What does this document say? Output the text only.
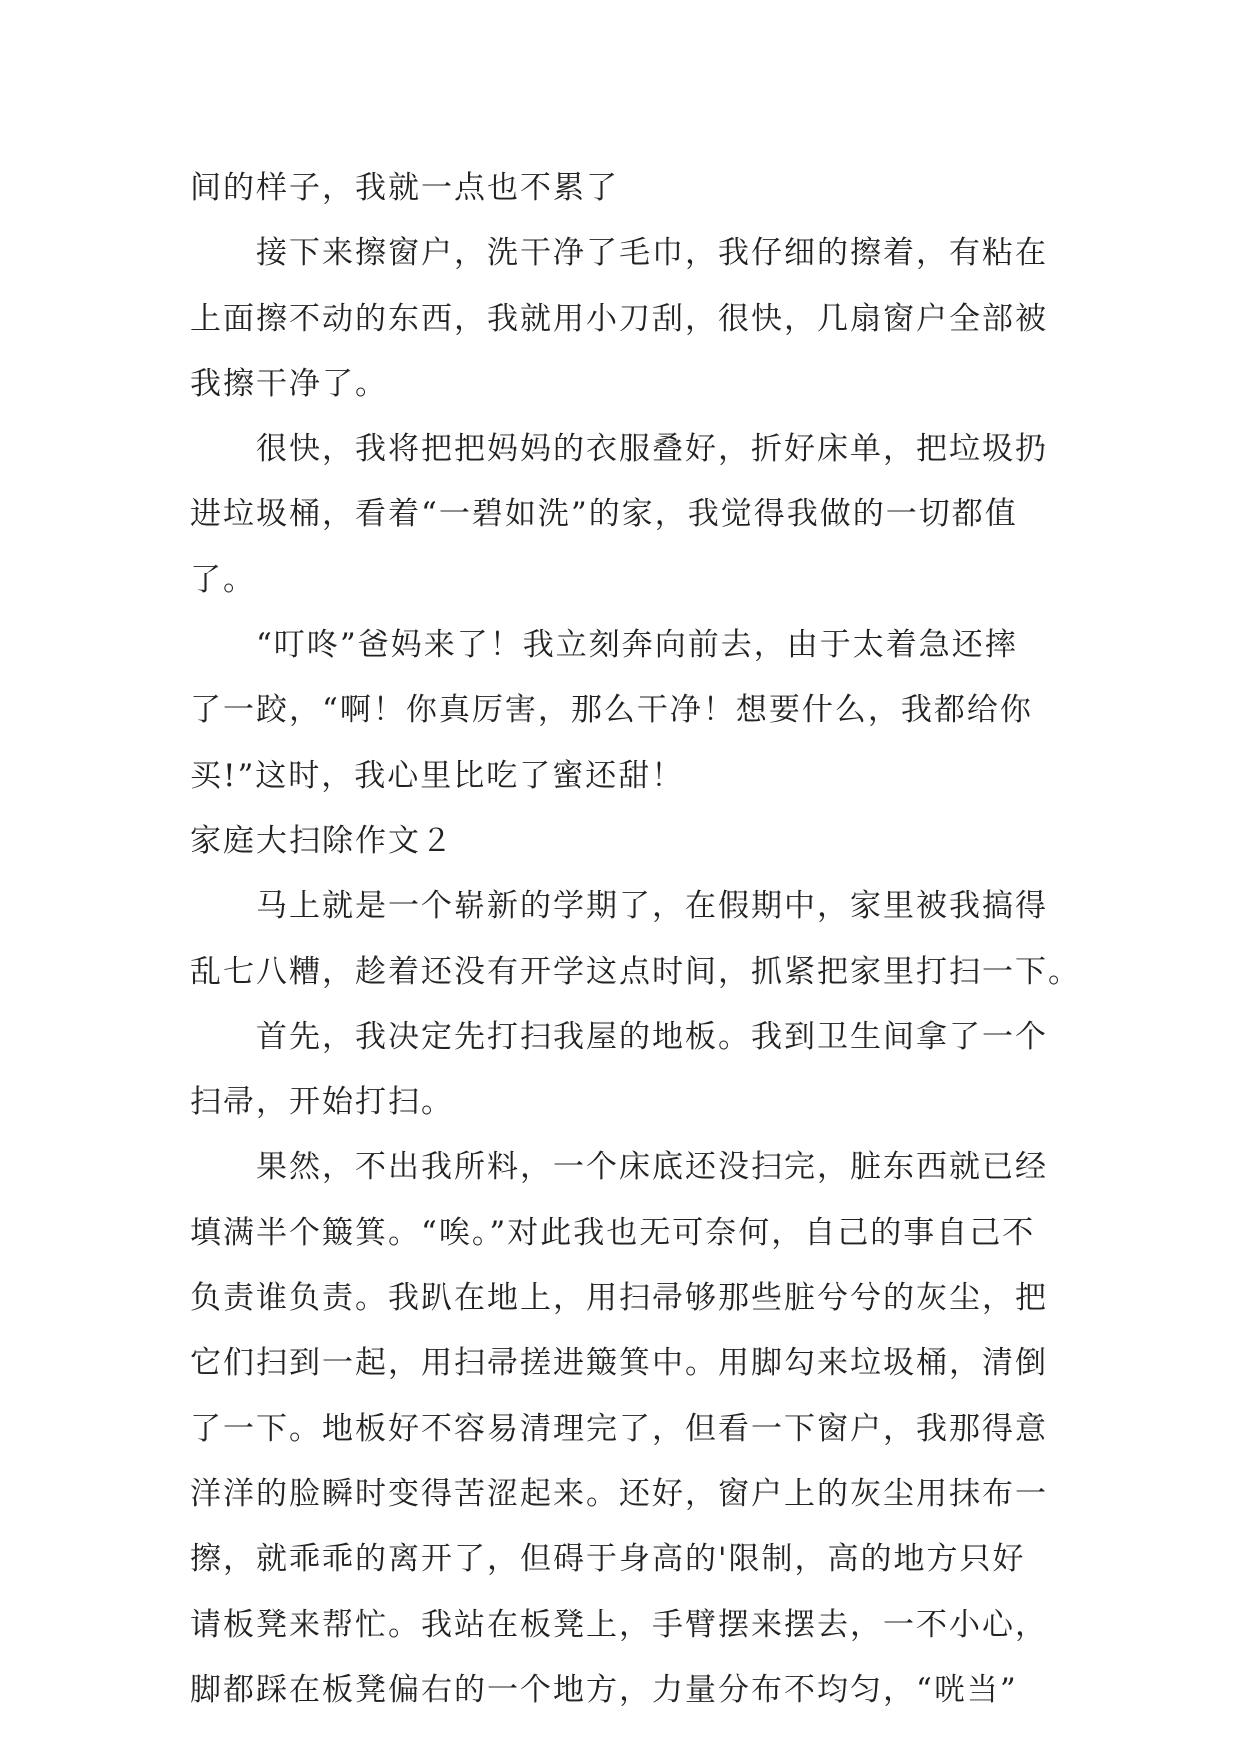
间的样子，我就一点也不累了
接下来擦窗户，洗干净了毛巾，我仔细的擦着，有粘在
上面擦不动的东西，我就用小刀刮，很快，几扇窗户全部被
我擦干净了。
很快，我将把把妈妈的衣服叠好，折好床单，把垃圾扔
进垃圾桶，看着“一碧如洗”的家，我觉得我做的一切都值
了。
“叮咚”爸妈来了！我立刻奔向前去，由于太着急还摔
了一跤，“啊！你真厉害，那么干净！想要什么，我都给你
买!”这时，我心里比吃了蜜还甜！
家庭大扫除作文２
马上就是一个崭新的学期了，在假期中，家里被我搞得
乱七八糟，趁着还没有开学这点时间，抓紧把家里打扫一下。
首先，我决定先打扫我屋的地板。我到卫生间拿了一个
扫帚，开始打扫。
果然，不出我所料，一个床底还没扫完，脏东西就已经
填满半个簸箕。“唉。”对此我也无可奈何，自己的事自己不
负责谁负责。我趴在地上，用扫帚够那些脏兮兮的灰尘，把
它们扫到一起，用扫帚搓进簸箕中。用脚勾来垃圾桶，清倒
了一下。地板好不容易清理完了，但看一下窗户，我那得意
洋洋的脸瞬时变得苦涩起来。还好，窗户上的灰尘用抹布一
擦，就乖乖的离开了，但碍于身高的'限制，高的地方只好
请板凳来帮忙。我站在板凳上，手臂摆来摆去，一不小心，
脚都踩在板凳偏右的一个地方，力量分布不均匀，“咣当”
